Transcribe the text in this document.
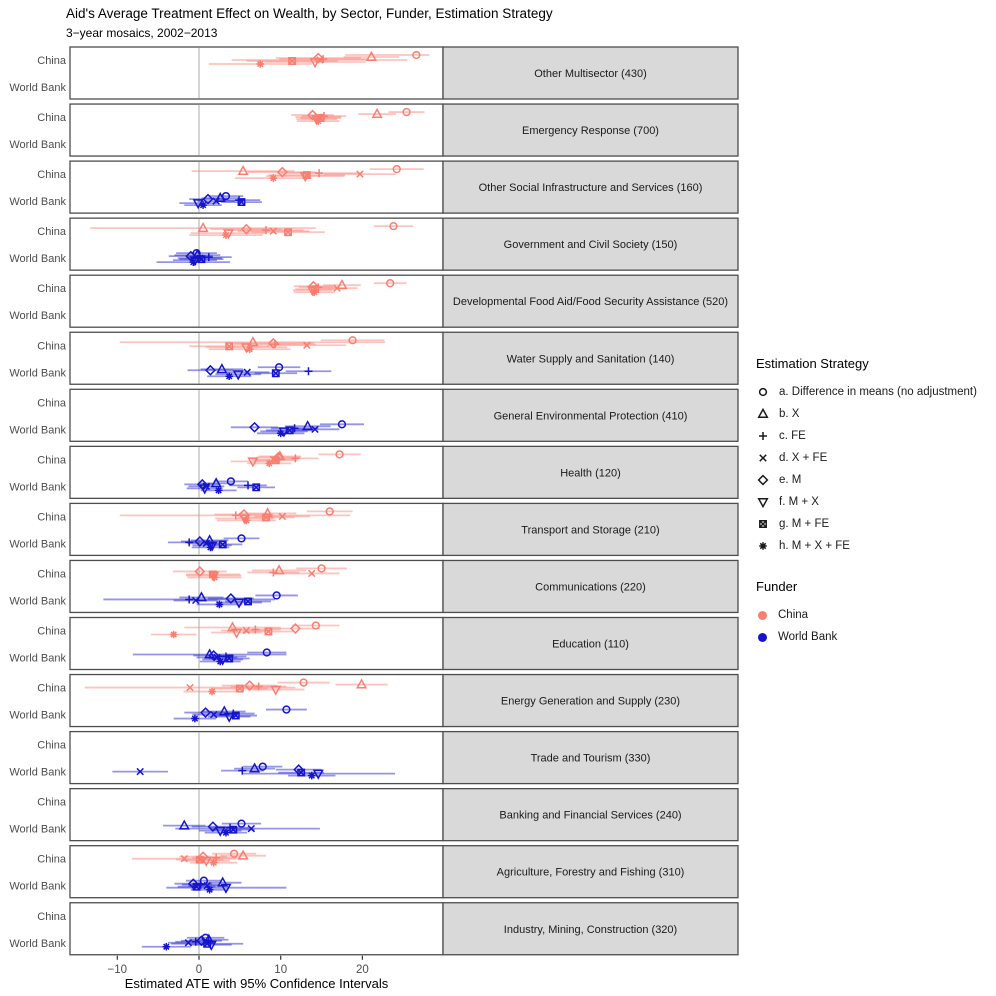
Aid's Average Treatment Effect on Wealth, by Sector, Funder, Estimation Strategy
3−year mosaics, 2002−2013
China
World Bank
Other Multisector (430)
China
World Bank
Emergency Response (700)
China
World Bank
Other Social Infrastructure and Services (160)
China
World Bank
Government and Civil Society (150)
China
World Bank
Developmental Food Aid/Food Security Assistance (520)
China
World Bank
Water Supply and Sanitation (140)
China
World Bank
General Environmental Protection (410)
China
World Bank
Health (120)
China
World Bank
Transport and Storage (210)
China
World Bank
Communications (220)
China
World Bank
Education (110)
China
World Bank
Energy Generation and Supply (230)
China
World Bank
Trade and Tourism (330)
China
World Bank
Banking and Financial Services (240)
China
World Bank
Agriculture, Forestry and Fishing (310)
China
World Bank
Industry, Mining, Construction (320)
−10	0	10	20
Estimated ATE with 95% Confidence Intervals
Estimation Strategy
a. Difference in means (no adjustment)
b. X
c. FE
d. X + FE
e. M
f. M + X
g. M + FE
h. M + X + FE
Funder
China
World Bank
